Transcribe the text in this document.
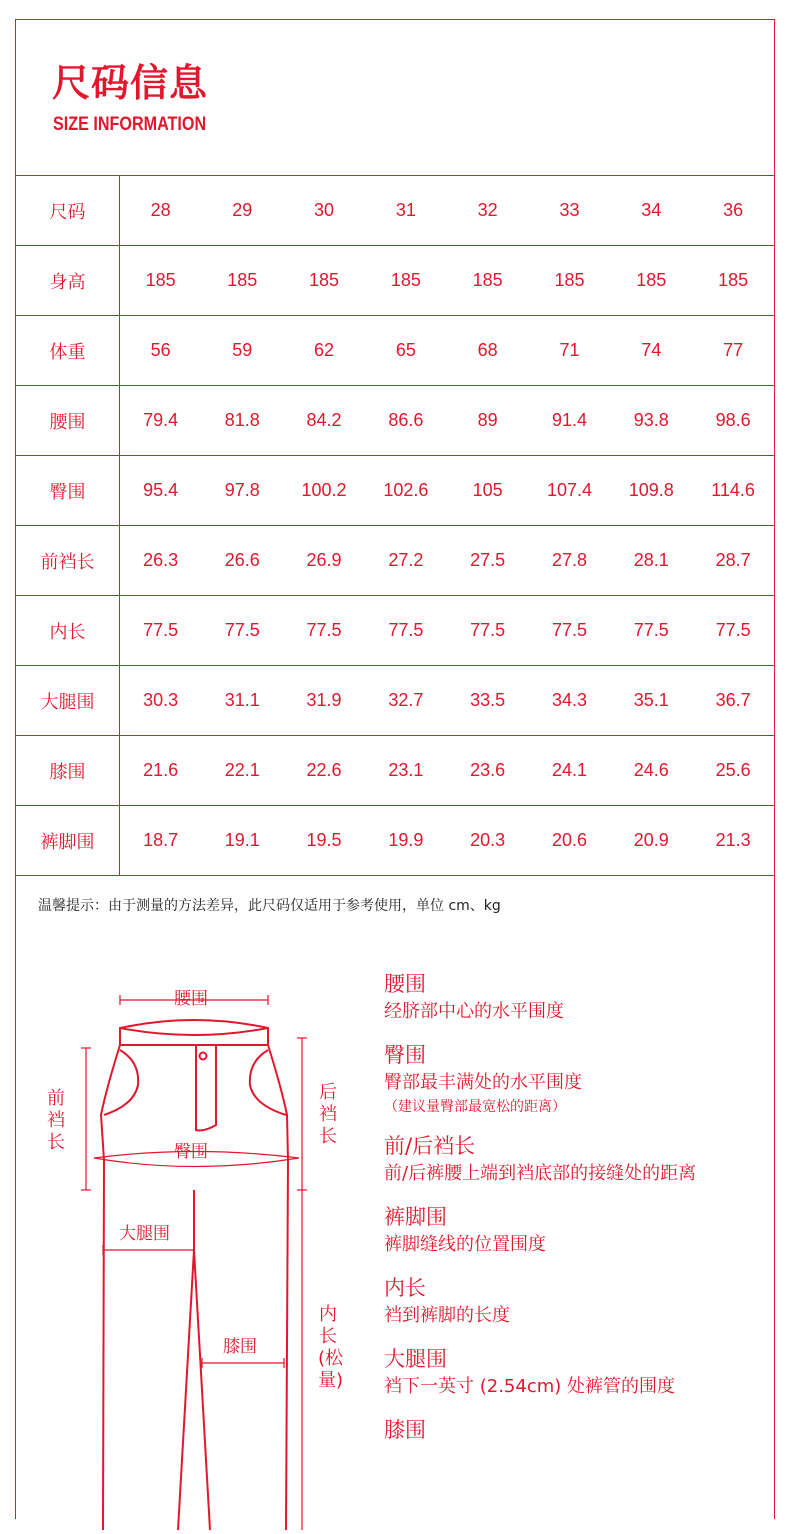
尺码信息
SIZE INFORMATION
尺码	28	29	30	31	32	33	34	36
身高	185	185	185	185	185	185	185	185
体重	56	59	62	65	68	71	74	77
腰围	79.4	81.8	84.2	86.6	89	91.4	93.8	98.6
臀围	95.4	97.8	100.2	102.6	105	107.4	109.8	114.6
前裆长	26.3	26.6	26.9	27.2	27.5	27.8	28.1	28.7
内长	77.5	77.5	77.5	77.5	77.5	77.5	77.5	77.5
大腿围	30.3	31.1	31.9	32.7	33.5	34.3	35.1	36.7
膝围	21.6	22.1	22.6	23.1	23.6	24.1	24.6	25.6
裤脚围	18.7	19.1	19.5	19.9	20.3	20.6	20.9	21.3
温馨提示：由于测量的方法差异，此尺码仅适用于参考使用，单位 cm、kg
腰围
臀围
大腿围
膝围
前裆长
后裆长
内长(松量)
腰围
经脐部中心的水平围度
臀围
臀部最丰满处的水平围度
（建议量臀部最宽松的距离）
前/后裆长
前/后裤腰上端到裆底部的接缝处的距离
裤脚围
裤脚缝线的位置围度
内长
裆到裤脚的长度
大腿围
裆下一英寸 (2.54cm) 处裤管的围度
膝围
